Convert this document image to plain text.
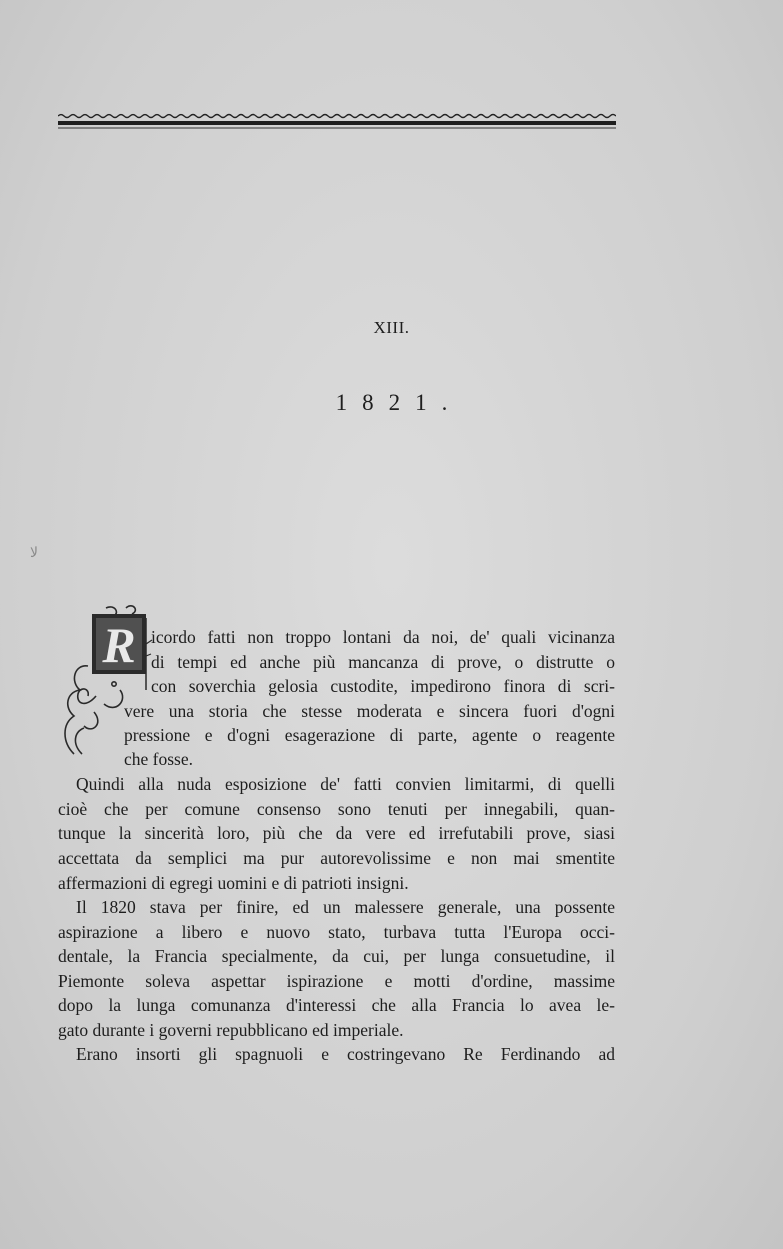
XIII.
1821.
R icordo fatti non troppo lontani da noi, de' quali vicinanza
di tempi ed anche più mancanza di prove, o distrutte o
con soverchia gelosia custodite, impedirono finora di scri-
vere una storia che stesse moderata e sincera fuori d'ogni
pressione e d'ogni esagerazione di parte, agente o reagente
che fosse.
Quindi alla nuda esposizione de' fatti convien limitarmi, di quelli
cioè che per comune consenso sono tenuti per innegabili, quan-
tunque la sincerità loro, più che da vere ed irrefutabili prove, siasi
accettata da semplici ma pur autorevolissime e non mai smentite
affermazioni di egregi uomini e di patrioti insigni.
Il 1820 stava per finire, ed un malessere generale, una possente
aspirazione a libero e nuovo stato, turbava tutta l'Europa occi-
dentale, la Francia specialmente, da cui, per lunga consuetudine, il
Piemonte soleva aspettar ispirazione e motti d'ordine, massime
dopo la lunga comunanza d'interessi che alla Francia lo avea le-
gato durante i governi repubblicano ed imperiale.
Erano insorti gli spagnuoli e costringevano Re Ferdinando ad
ﻻ
